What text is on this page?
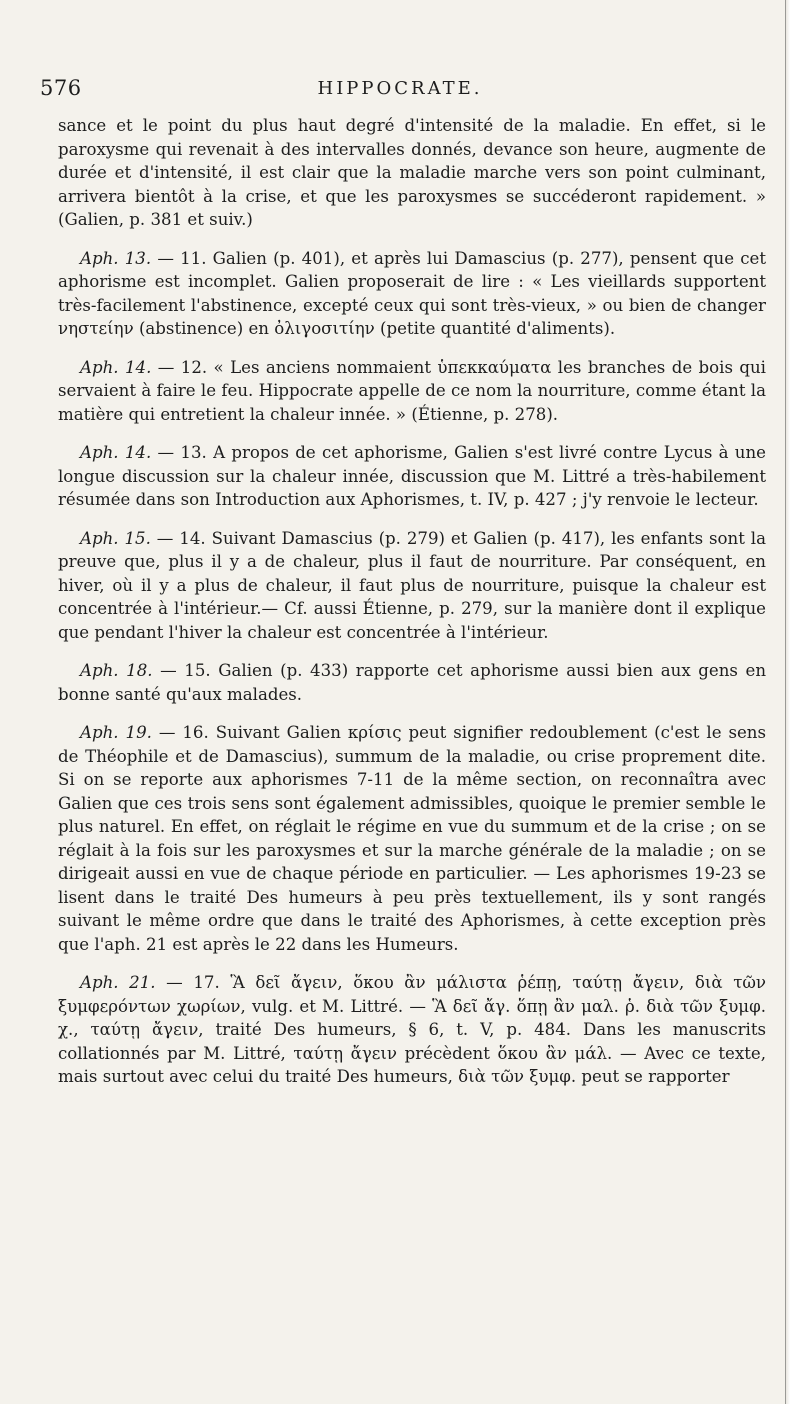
576	HIPPOCRATE.

sance et le point du plus haut degré d'intensité de la maladie. En effet, si le paroxysme qui revenait à des intervalles donnés, devance son heure, augmente de durée et d'intensité, il est clair que la maladie marche vers son point culminant, arrivera bientôt à la crise, et que les paroxysmes se succéderont rapidement. » (Galien, p. 381 et suiv.)

Aph. 13. — 11. Galien (p. 401), et après lui Damascius (p. 277), pensent que cet aphorisme est incomplet. Galien proposerait de lire : « Les vieillards supportent très-facilement l'abstinence, excepté ceux qui sont très-vieux, » ou bien de changer νηστείην (abstinence) en ὀλιγοσιτίην (petite quantité d'aliments).

Aph. 14. — 12. « Les anciens nommaient ὑπεκκαύματα les branches de bois qui servaient à faire le feu. Hippocrate appelle de ce nom la nourriture, comme étant la matière qui entretient la chaleur innée. » (Étienne, p. 278).

Aph. 14. — 13. A propos de cet aphorisme, Galien s'est livré contre Lycus à une longue discussion sur la chaleur innée, discussion que M. Littré a très-habilement résumée dans son Introduction aux Aphorismes, t. IV, p. 427 ; j'y renvoie le lecteur.

Aph. 15. — 14. Suivant Damascius (p. 279) et Galien (p. 417), les enfants sont la preuve que, plus il y a de chaleur, plus il faut de nourriture. Par conséquent, en hiver, où il y a plus de chaleur, il faut plus de nourriture, puisque la chaleur est concentrée à l'intérieur.— Cf. aussi Étienne, p. 279, sur la manière dont il explique que pendant l'hiver la chaleur est concentrée à l'intérieur.

Aph. 18. — 15. Galien (p. 433) rapporte cet aphorisme aussi bien aux gens en bonne santé qu'aux malades.

Aph. 19. — 16. Suivant Galien κρίσις peut signifier redoublement (c'est le sens de Théophile et de Damascius), summum de la maladie, ou crise proprement dite. Si on se reporte aux aphorismes 7-11 de la même section, on reconnaîtra avec Galien que ces trois sens sont également admissibles, quoique le premier semble le plus naturel. En effet, on réglait le régime en vue du summum et de la crise ; on se réglait à la fois sur les paroxysmes et sur la marche générale de la maladie ; on se dirigeait aussi en vue de chaque période en particulier. — Les aphorismes 19-23 se lisent dans le traité Des humeurs à peu près textuellement, ils y sont rangés suivant le même ordre que dans le traité des Aphorismes, à cette exception près que l'aph. 21 est après le 22 dans les Humeurs.

Aph. 21. — 17. Ἃ δεῖ ἄγειν, ὅκου ἂν μάλιστα ῥέπῃ, ταύτῃ ἄγειν, διὰ τῶν ξυμφερόντων χωρίων, vulg. et M. Littré. — Ἃ δεῖ ἄγ. ὅπῃ ἂν μαλ. ῥ. διὰ τῶν ξυμφ. χ., ταύτῃ ἄγειν, traité Des humeurs, § 6, t. V, p. 484. Dans les manuscrits collationnés par M. Littré, ταύτῃ ἄγειν précèdent ὅκου ἂν μάλ. — Avec ce texte, mais surtout avec celui du traité Des humeurs, διὰ τῶν ξυμφ. peut se rapporter
